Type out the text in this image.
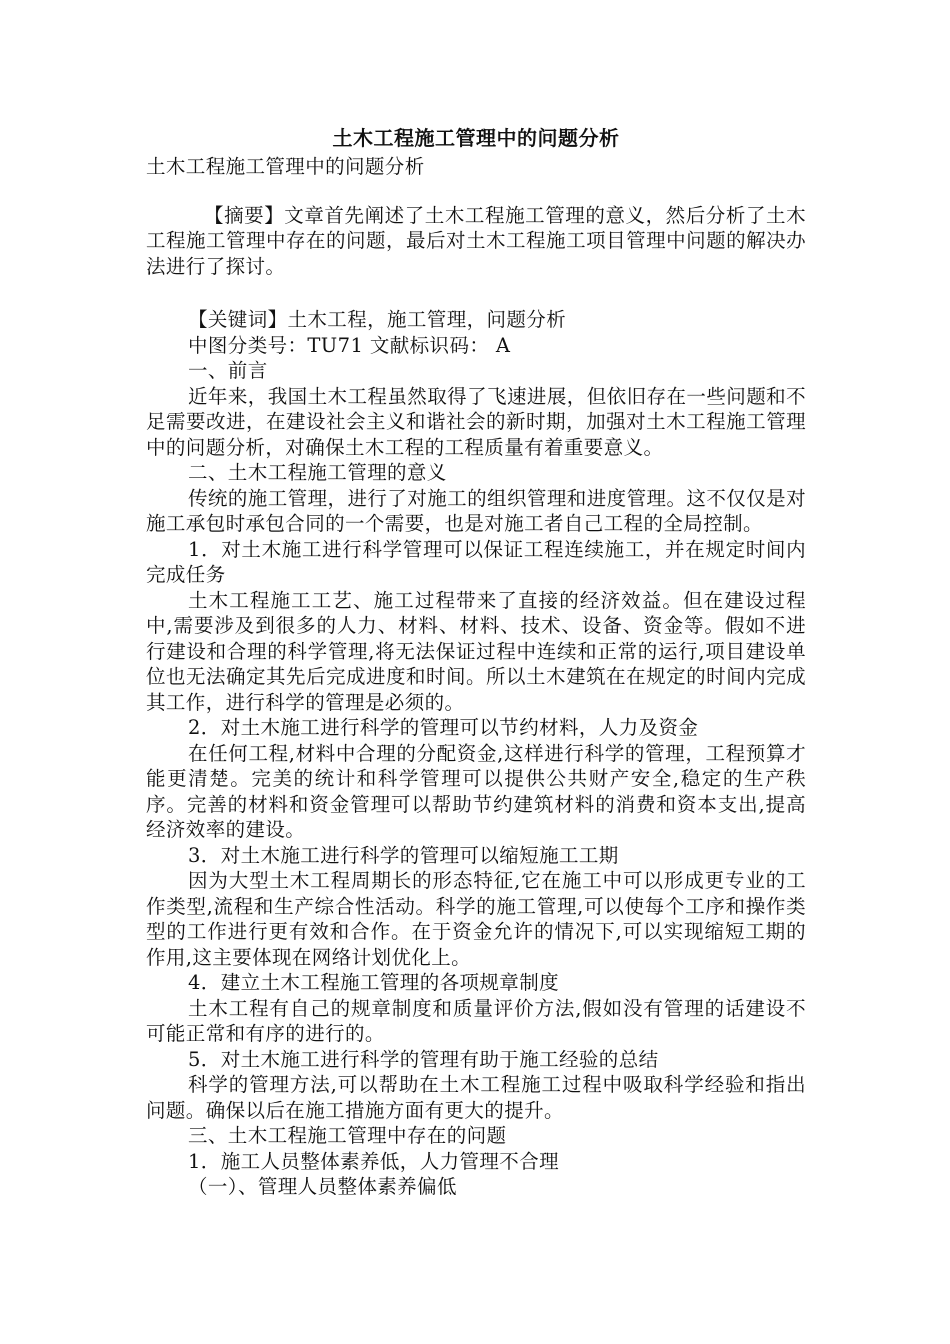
土木工程施工管理中的问题分析

土木工程施工管理中的问题分析

【摘要】文章首先阐述了土木工程施工管理的意义，然后分析了土木工程施工管理中存在的问题，最后对土木工程施工项目管理中问题的解决办法进行了探讨。

【关键词】土木工程，施工管理，问题分析

中图分类号：TU71 文献标识码： A

一、前言

近年来，我国土木工程虽然取得了飞速进展，但依旧存在一些问题和不足需要改进，在建设社会主义和谐社会的新时期，加强对土木工程施工管理中的问题分析，对确保土木工程的工程质量有着重要意义。

二、土木工程施工管理的意义

传统的施工管理，进行了对施工的组织管理和进度管理。这不仅仅是对施工承包时承包合同的一个需要，也是对施工者自己工程的全局控制。

1．对土木施工进行科学管理可以保证工程连续施工，并在规定时间内完成任务

土木工程施工工艺、施工过程带来了直接的经济效益。但在建设过程中,需要涉及到很多的人力、材料、材料、技术、设备、资金等。假如不进行建设和合理的科学管理,将无法保证过程中连续和正常的运行,项目建设单位也无法确定其先后完成进度和时间。所以土木建筑在在规定的时间内完成其工作，进行科学的管理是必须的。

2．对土木施工进行科学的管理可以节约材料，人力及资金

在任何工程,材料中合理的分配资金,这样进行科学的管理，工程预算才能更清楚。完美的统计和科学管理可以提供公共财产安全,稳定的生产秩序。完善的材料和资金管理可以帮助节约建筑材料的消费和资本支出,提高经济效率的建设。

3．对土木施工进行科学的管理可以缩短施工工期

因为大型土木工程周期长的形态特征,它在施工中可以形成更专业的工作类型,流程和生产综合性活动。科学的施工管理,可以使每个工序和操作类型的工作进行更有效和合作。在于资金允许的情况下,可以实现缩短工期的作用,这主要体现在网络计划优化上。

4．建立土木工程施工管理的各项规章制度

土木工程有自己的规章制度和质量评价方法,假如没有管理的话建设不可能正常和有序的进行的。

5．对土木施工进行科学的管理有助于施工经验的总结

科学的管理方法,可以帮助在土木工程施工过程中吸取科学经验和指出问题。确保以后在施工措施方面有更大的提升。

三、土木工程施工管理中存在的问题

1．施工人员整体素养低，人力管理不合理

（一）、管理人员整体素养偏低
